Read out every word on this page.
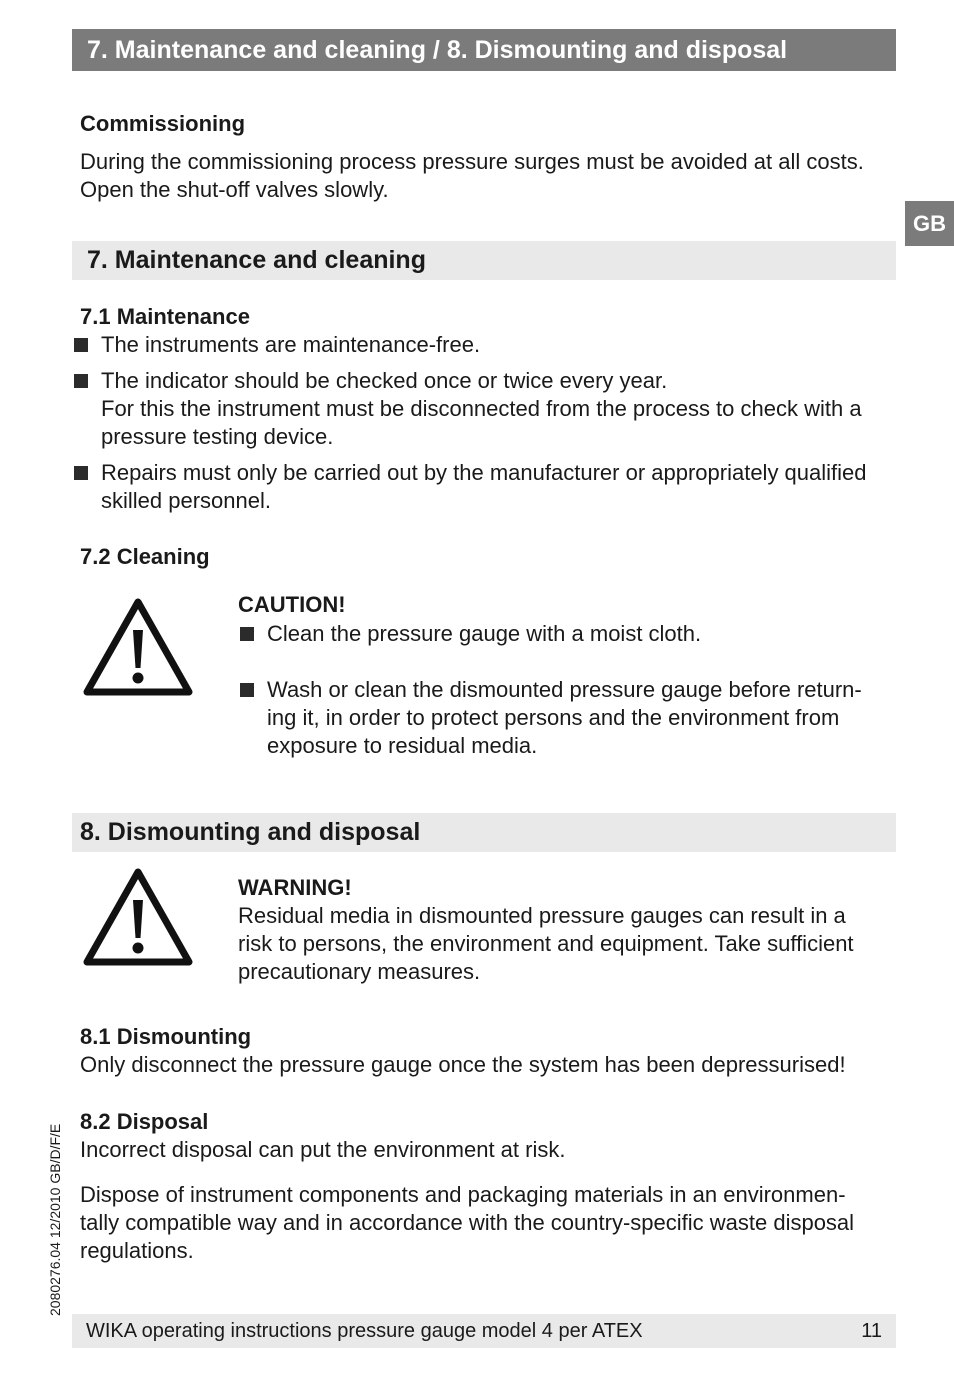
7. Maintenance and cleaning / 8. Dismounting and disposal
GB
Commissioning
During the commissioning process pressure surges must be avoided at all costs.
Open the shut-off valves slowly.
7. Maintenance and cleaning
7.1 Maintenance
The instruments are maintenance-free.
The indicator should be checked once or twice every year.
For this the instrument must be disconnected from the process to check with a
pressure testing device.
Repairs must only be carried out by the manufacturer or appropriately qualified
skilled personnel.
7.2 Cleaning
CAUTION!
Clean the pressure gauge with a moist cloth.
Wash or clean the dismounted pressure gauge before return-
ing it, in order to protect persons and the environment from
exposure to residual media.
8. Dismounting and disposal
WARNING!
Residual media in dismounted pressure gauges can result in a
risk to persons, the environment and equipment. Take sufficient
precautionary measures.
8.1 Dismounting
Only disconnect the pressure gauge once the system has been depressurised!
8.2 Disposal
Incorrect disposal can put the environment at risk.
Dispose of instrument components and packaging materials in an environmen-
tally compatible way and in accordance with the country-specific waste disposal
regulations.
2080276.04 12/2010 GB/D/F/E
WIKA operating instructions pressure gauge model 4 per ATEX	11
